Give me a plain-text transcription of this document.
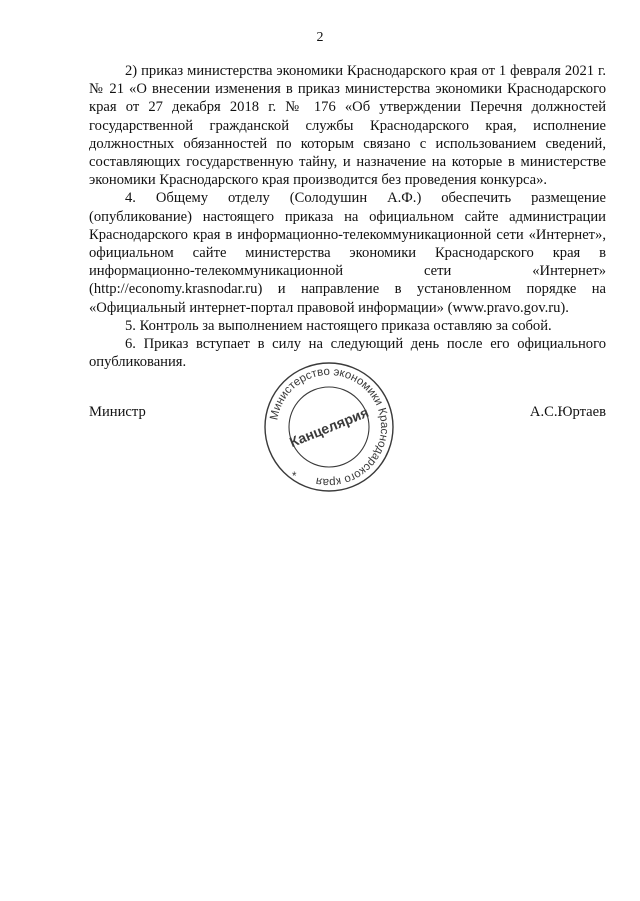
2

2) приказ министерства экономики Краснодарского края от 1 февраля 2021 г. № 21 «О внесении изменения в приказ министерства экономики Краснодарского края от 27 декабря 2018 г. № 176 «Об утверждении Перечня должностей государственной гражданской службы Краснодарского края, исполнение должностных обязанностей по которым связано с использованием сведений, составляющих государственную тайну, и назначение на которые в министерстве экономики Краснодарского края производится без проведения конкурса».

4. Общему отделу (Солодушин А.Ф.) обеспечить размещение (опубликование) настоящего приказа на официальном сайте администрации Краснодарского края в информационно-телекоммуникационной сети «Интернет», официальном сайте министерства экономики Краснодарского края в информационно-телекоммуникационной сети «Интернет» (http://economy.krasnodar.ru) и направление в установленном порядке на «Официальный интернет-портал правовой информации» (www.pravo.gov.ru).

5. Контроль за выполнением настоящего приказа оставляю за собой.

6. Приказ вступает в силу на следующий день после его официального опубликования.

Министр	А.С.Юртаев
Министерство экономики Краснодарского края
*
Канцелярия
